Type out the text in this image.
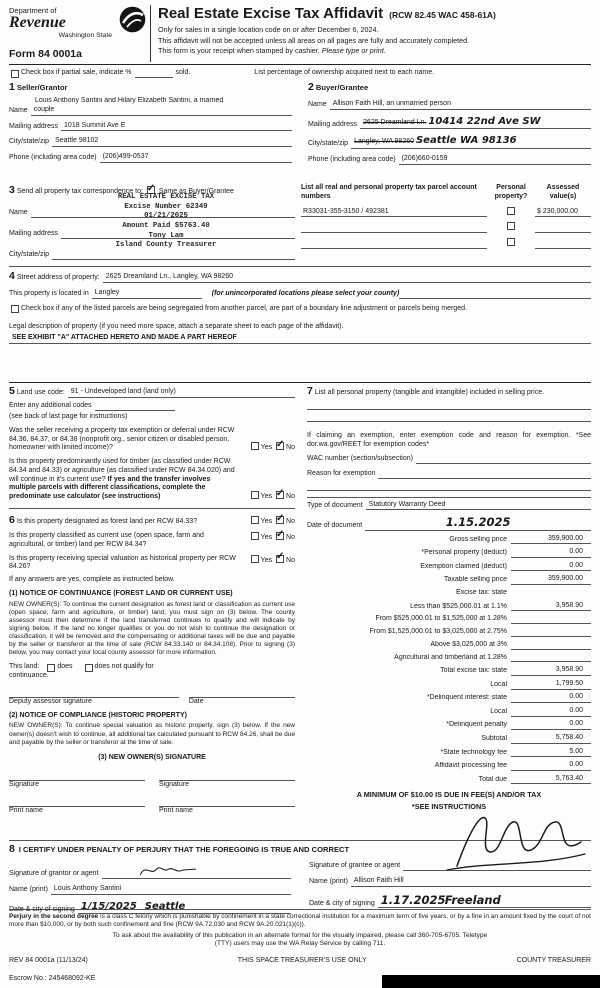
Department of
Revenue
Washington State
Form 84 0001a
Real Estate Excise Tax Affidavit (RCW 82.45 WAC 458-61A)
Only for sales in a single location code on or after December 6, 2024.
This affidavit will not be accepted unless all areas on all pages are fully and accurately completed.
This form is your receipt when stamped by cashier. Please type or print.
Check box if partial sale, indicate %	sold.	List percentage of ownership acquired next to each name.
1 Seller/Grantor
Louis Anthony Santini and Hilary Elizabeth Santini, a married
Name couple
Mailing address 1018 Summit Ave E
City/state/zip Seattle 98102
Phone (including area code) (206)499-0537
2 Buyer/Grantee
Name Allison Faith Hill, an unmarried person
Mailing address 2625 Dreamland Ln. 10414 22nd Ave SW
City/state/zip Langley, WA 98260 Seattle WA 98136
Phone (including area code) (206)660-0159
3 Send all property tax correspondence to: ✓ Same as Buyer/Grantee
REAL ESTATE EXCISE TAX
Excise Number 62349
01/21/2025
Amount Paid $5763.40
Tony Lam
Island County Treasurer
Name
Mailing address
City/state/zip
List all real and personal property tax parcel account numbers
Personal property?
Assessed value(s)
R33031-355-3150 / 492381	$ 230,000.00
4 Street address of property: 2625 Dreamland Ln., Langley, WA 98260
This property is located in Langley	(for unincorporated locations please select your county)
Check box if any of the listed parcels are being segregated from another parcel, are part of a boundary line adjustment or parcels being merged.
Legal description of property (if you need more space, attach a separate sheet to each page of the affidavit).
SEE EXHIBIT "A" ATTACHED HERETO AND MADE A PART HEREOF
5 Land use code: 91 - Undeveloped land (land only)
Enter any additional codes
(see back of last page for instructions)
Was the seller receiving a property tax exemption or deferral under RCW 84.36, 84.37, or 84.38 (nonprofit org., senior citizen or disabled person, homeowner with limited income)?	Yes ✓ No
Is this property predominantly used for timber (as classified under RCW 84.34 and 84.33) or agriculture (as classified under RCW 84.34.020) and will continue in it's current use? If yes and the transfer involves multiple parcels with different classifications, complete the predominate use calculator (see instructions)	Yes ✓ No
6 Is this property designated as forest land per RCW 84.33?	Yes ✓ No
Is this property classified as current use (open space, farm and agricultural, or timber) land per RCW 84.34?
Yes ✓ No
Is this property receiving special valuation as historical property per RCW 84.26?
Yes ✓ No
If any answers are yes, complete as instructed below.
(1) NOTICE OF CONTINUANCE (FOREST LAND OR CURRENT USE)
NEW OWNER(S): To continue the current designation as forest land or classification as current use (open space, farm and agriculture, or timber) land, you must sign on (3) below. The county assessor must then determine if the land transferred continues to qualify and will indicate by signing below. If the land no longer qualifies or you do not wish to continue the designation or classification, it will be removed and the compensating or additional taxes will be due and payable by the seller or transferor at the time of sale (RCW 84.33.140 or 84.34.108). Prior to signing (3) below, you may contact your local county assessor for more information.
This land:	does	does not qualify for
continuance.
Deputy assessor signature	Date
(2) NOTICE OF COMPLIANCE (HISTORIC PROPERTY)
NEW OWNER(S): To continue special valuation as historic property, sign (3) below. If the new owner(s) doesn't wish to continue, all additional tax calculated pursuant to RCW 84.26, shall be due and payable by the seller or transferor at the time of sale.
(3) NEW OWNER(S) SIGNATURE
Signature	Signature
Print name	Print name
7 List all personal property (tangible and intangible) included in selling price.
If claiming an exemption, enter exemption code and reason for exemption. *See dor.wa.gov/REET for exemption codes*
WAC number (section/subsection)
Reason for exemption
Type of document Statutory Warranty Deed
Date of document	1.15.2025
Gross selling price	359,900.00
*Personal property (deduct)	0.00
Exemption claimed (deduct)	0.00
Taxable selling price	359,900.00
Excise tax: state
Less than $525,000.01 at 1.1%	3,958.90
From $525,000.01 to $1,525,000 at 1.28%
From $1,525,000.01 to $3,025,000 at 2.75%
Above $3,025,000 at 3%
Agricultural and timberland at 1.28%
Total excise tax: state	3,958.90
Local	1,799.50
*Delinquent interest: state	0.00
Local	0.00
*Delinquent penalty	0.00
Subtotal	5,758.40
*State technology fee	5.00
Affidavit processing fee	0.00
Total due	5,763.40
A MINIMUM OF $10.00 IS DUE IN FEE(S) AND/OR TAX
*SEE INSTRUCTIONS
8 I CERTIFY UNDER PENALTY OF PERJURY THAT THE FOREGOING IS TRUE AND CORRECT
Signature of grantor or agent
Name (print) Louis Anthony Santini
Date & city of signing 1/15/2025 Seattle
Signature of grantee or agent
Name (print) Allison Faith Hill
Date & city of signing 1.17.2025 Freeland
Perjury in the second degree is a class C felony which is punishable by confinement in a state correctional institution for a maximum term of five years, or by a fine in an amount fixed by the court of not more than $10,000, or by both such confinement and fine (RCW 9A.72.030 and RCW 9A.20.021(1)(c)).
To ask about the availability of this publication in an alternate format for the visually impaired, please call 360-705-6705. Teletype
(TTY) users may use the WA Relay Service by calling 711.
REV 84 0001a (11/13/24)	THIS SPACE TREASURER'S USE ONLY	COUNTY TREASURER
Escrow No.: 245468092-KE
